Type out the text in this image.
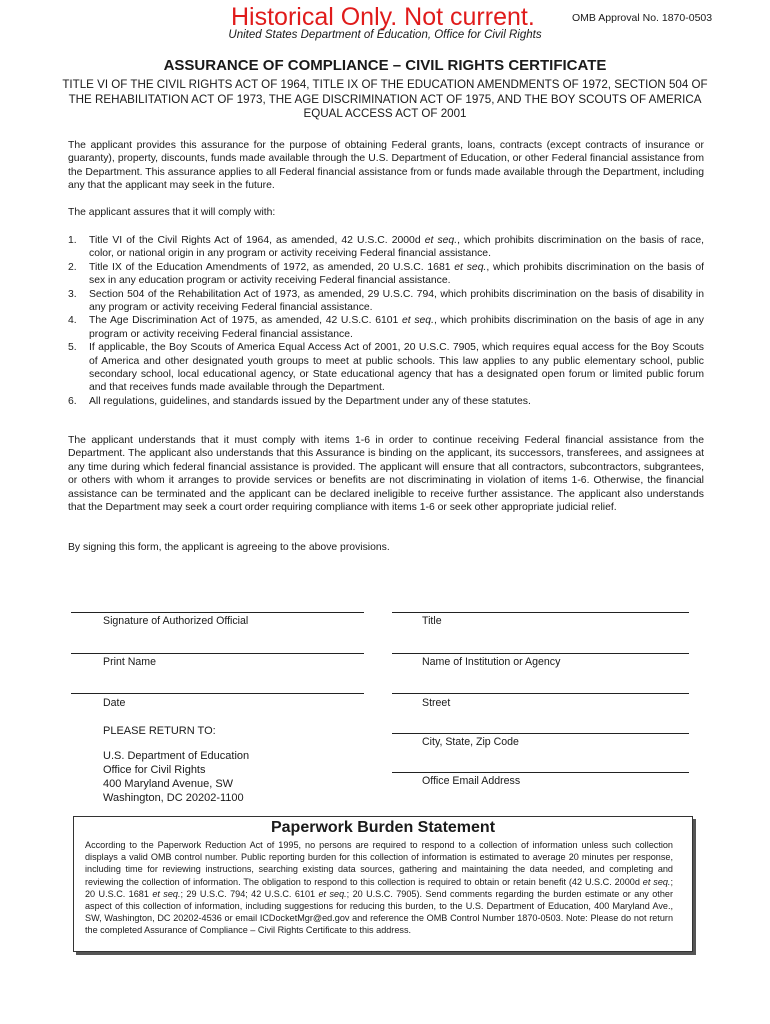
Historical Only. Not current.	OMB Approval No. 1870-0503
United States Department of Education, Office for Civil Rights
ASSURANCE OF COMPLIANCE – CIVIL RIGHTS CERTIFICATE
TITLE VI OF THE CIVIL RIGHTS ACT OF 1964, TITLE IX OF THE EDUCATION AMENDMENTS OF 1972, SECTION 504 OF THE REHABILITATION ACT OF 1973, THE AGE DISCRIMINATION ACT OF 1975, AND THE BOY SCOUTS OF AMERICA EQUAL ACCESS ACT OF 2001
The applicant provides this assurance for the purpose of obtaining Federal grants, loans, contracts (except contracts of insurance or guaranty), property, discounts, funds made available through the U.S. Department of Education, or other Federal financial assistance from the Department. This assurance applies to all Federal financial assistance from or funds made available through the Department, including any that the applicant may seek in the future.
The applicant assures that it will comply with:
1.	Title VI of the Civil Rights Act of 1964, as amended, 42 U.S.C. 2000d et seq., which prohibits discrimination on the basis of race, color, or national origin in any program or activity receiving Federal financial assistance.
2.	Title IX of the Education Amendments of 1972, as amended, 20 U.S.C. 1681 et seq., which prohibits discrimination on the basis of sex in any education program or activity receiving Federal financial assistance.
3.	Section 504 of the Rehabilitation Act of 1973, as amended, 29 U.S.C. 794, which prohibits discrimination on the basis of disability in any program or activity receiving Federal financial assistance.
4.	The Age Discrimination Act of 1975, as amended, 42 U.S.C. 6101 et seq., which prohibits discrimination on the basis of age in any program or activity receiving Federal financial assistance.
5.	If applicable, the Boy Scouts of America Equal Access Act of 2001, 20 U.S.C. 7905, which requires equal access for the Boy Scouts of America and other designated youth groups to meet at public schools. This law applies to any public elementary school, public secondary school, local educational agency, or State educational agency that has a designated open forum or limited public forum and that receives funds made available through the Department.
6.	All regulations, guidelines, and standards issued by the Department under any of these statutes.
The applicant understands that it must comply with items 1-6 in order to continue receiving Federal financial assistance from the Department. The applicant also understands that this Assurance is binding on the applicant, its successors, transferees, and assignees at any time during which federal financial assistance is provided. The applicant will ensure that all contractors, subcontractors, subgrantees, or others with whom it arranges to provide services or benefits are not discriminating in violation of items 1-6. Otherwise, the financial assistance can be terminated and the applicant can be declared ineligible to receive further assistance. The applicant also understands that the Department may seek a court order requiring compliance with items 1-6 or seek other appropriate judicial relief.
By signing this form, the applicant is agreeing to the above provisions.
Signature of Authorized Official
Print Name
Date
Title
Name of Institution or Agency
Street
City, State, Zip Code
Office Email Address
PLEASE RETURN TO:
U.S. Department of Education
Office for Civil Rights
400 Maryland Avenue, SW
Washington, DC 20202-1100
Paperwork Burden Statement
According to the Paperwork Reduction Act of 1995, no persons are required to respond to a collection of information unless such collection displays a valid OMB control number. Public reporting burden for this collection of information is estimated to average 20 minutes per response, including time for reviewing instructions, searching existing data sources, gathering and maintaining the data needed, and completing and reviewing the collection of information. The obligation to respond to this collection is required to obtain or retain benefit (42 U.S.C. 2000d et seq.; 20 U.S.C. 1681 et seq.; 29 U.S.C. 794; 42 U.S.C. 6101 et seq.; 20 U.S.C. 7905). Send comments regarding the burden estimate or any other aspect of this collection of information, including suggestions for reducing this burden, to the U.S. Department of Education, 400 Maryland Ave., SW, Washington, DC 20202-4536 or email ICDocketMgr@ed.gov and reference the OMB Control Number 1870-0503. Note: Please do not return the completed Assurance of Compliance – Civil Rights Certificate to this address.
